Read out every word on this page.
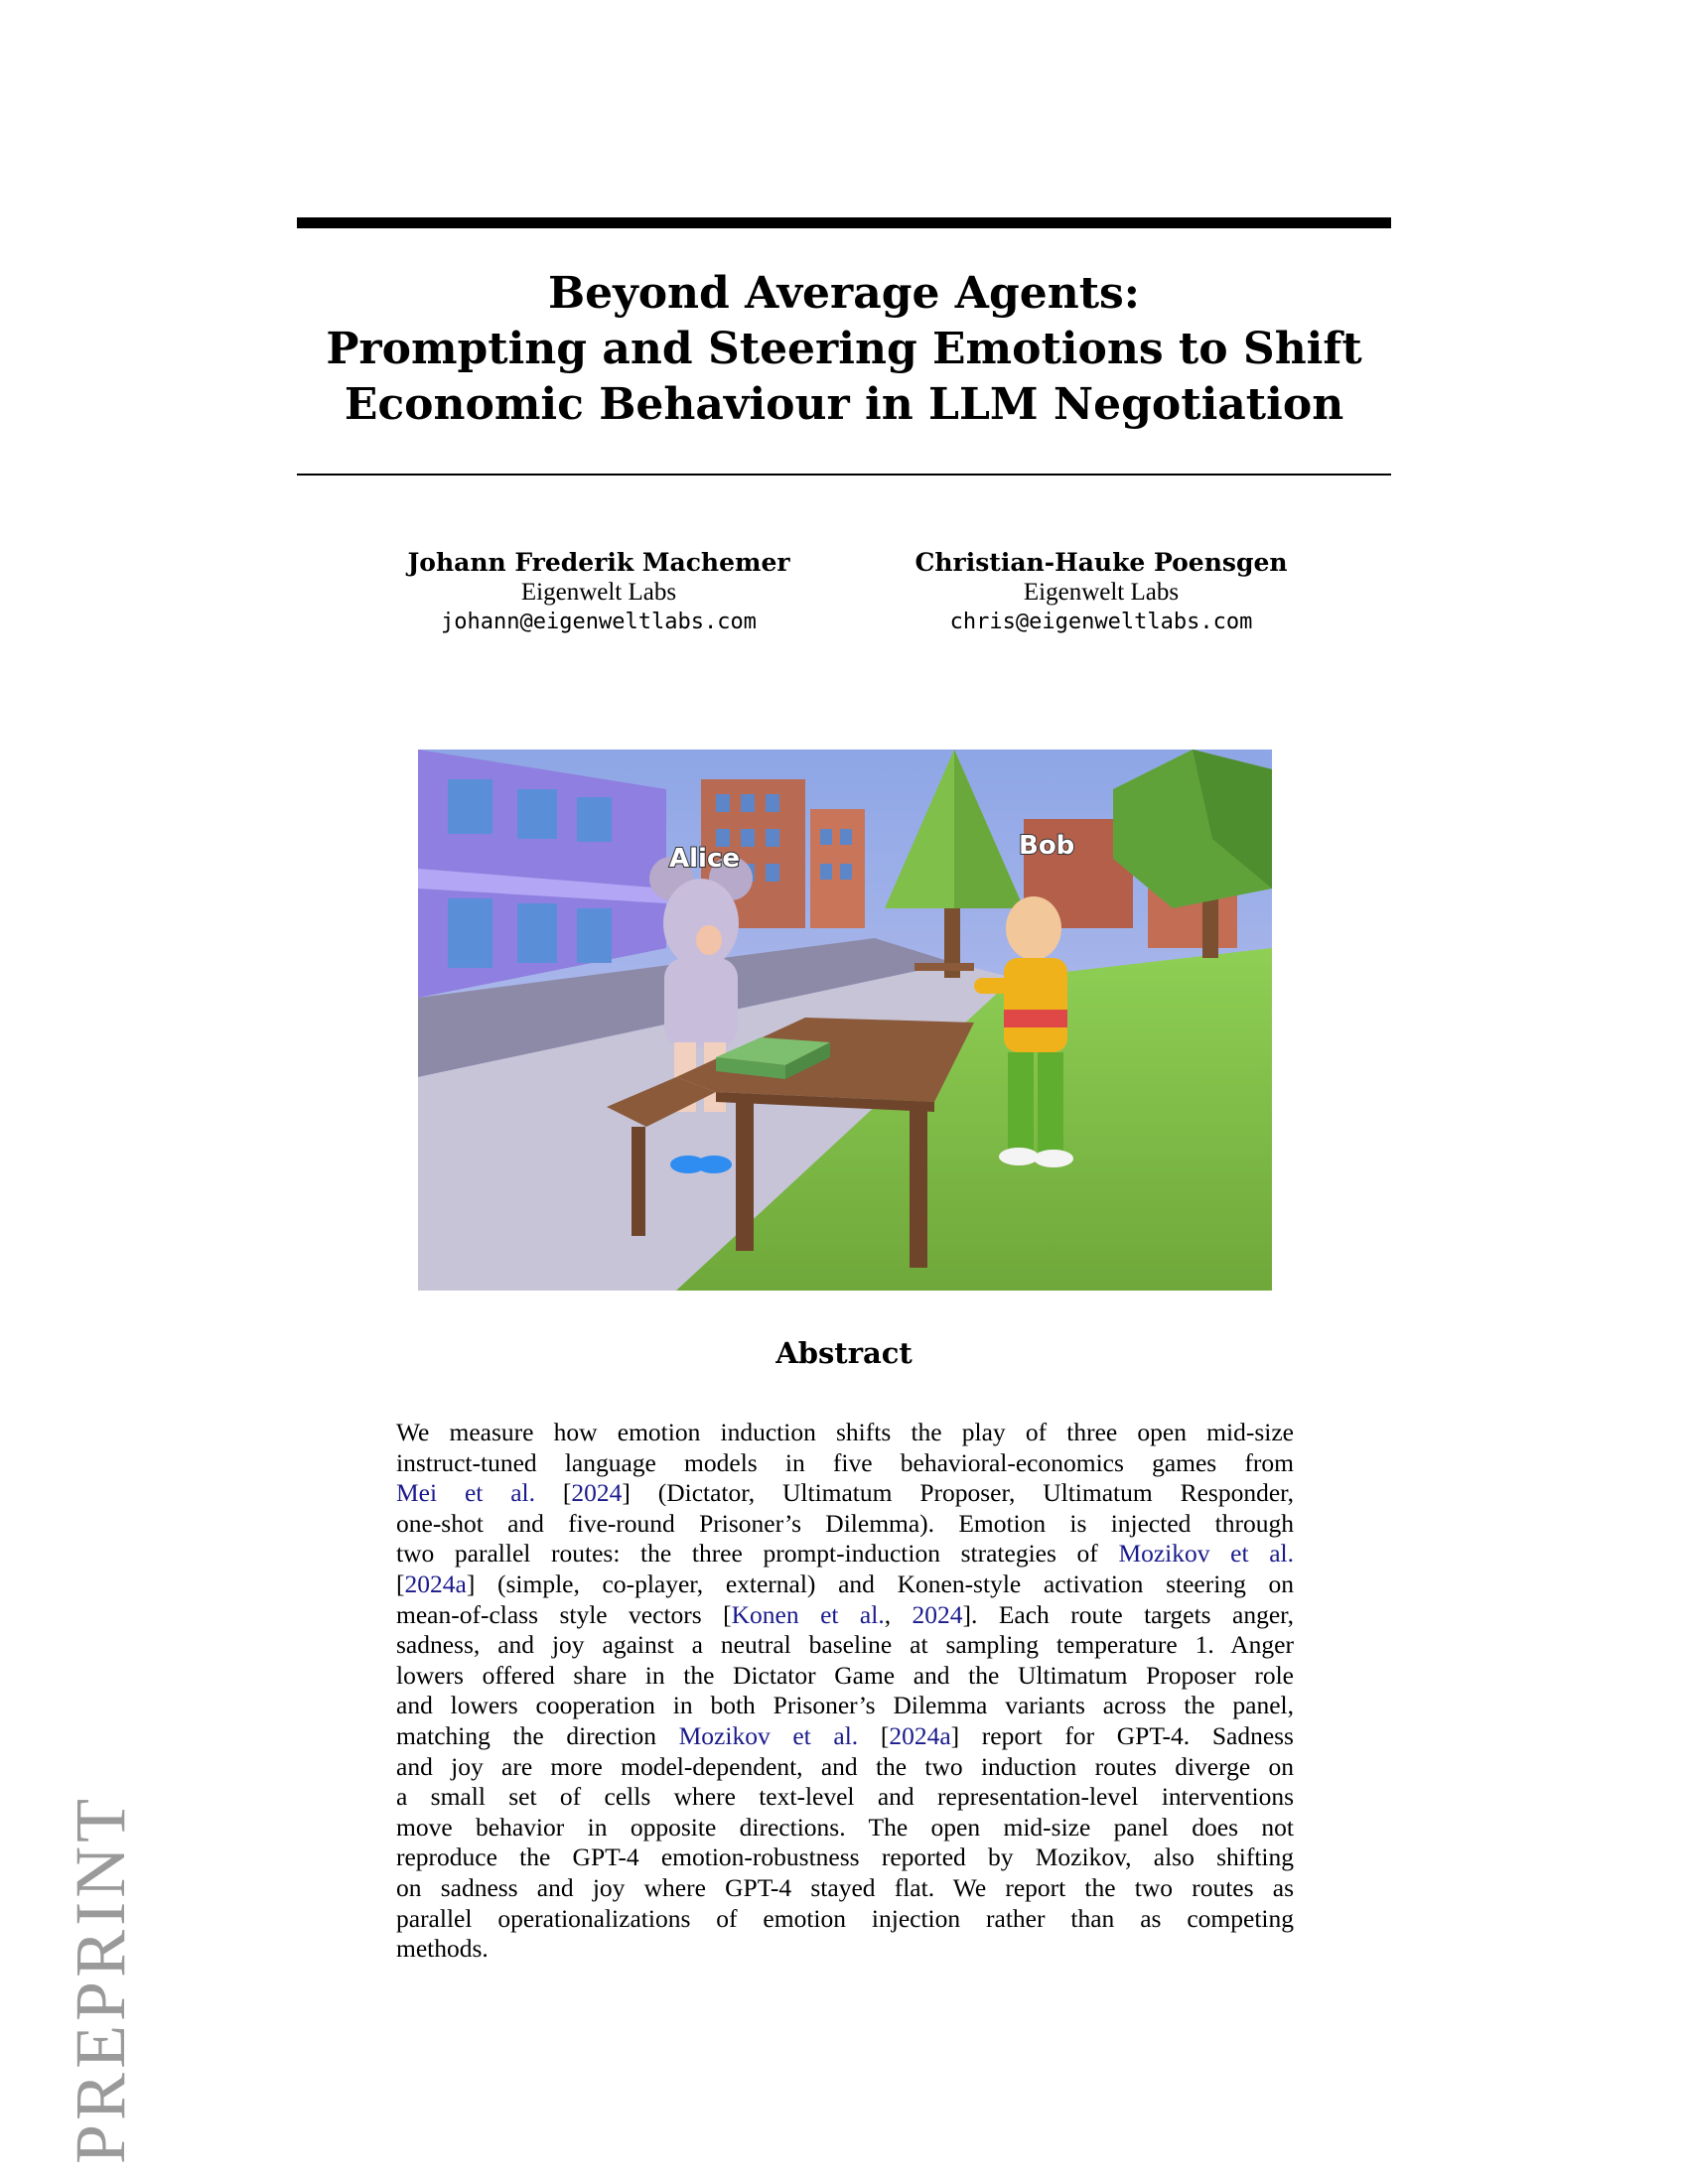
Beyond Average Agents:
Prompting and Steering Emotions to Shift
Economic Behaviour in LLM Negotiation
Johann Frederik Machemer
Eigenwelt Labs
johann@eigenweltlabs.com
Christian-Hauke Poensgen
Eigenwelt Labs
chris@eigenweltlabs.com
Alice	Bob
Abstract
We measure how emotion induction shifts the play of three open mid-size
instruct-tuned language models in five behavioral-economics games from
Mei et al. [2024] (Dictator, Ultimatum Proposer, Ultimatum Responder,
one-shot and five-round Prisoner’s Dilemma). Emotion is injected through
two parallel routes: the three prompt-induction strategies of Mozikov et al.
[2024a] (simple, co-player, external) and Konen-style activation steering on
mean-of-class style vectors [Konen et al., 2024]. Each route targets anger,
sadness, and joy against a neutral baseline at sampling temperature 1. Anger
lowers offered share in the Dictator Game and the Ultimatum Proposer role
and lowers cooperation in both Prisoner’s Dilemma variants across the panel,
matching the direction Mozikov et al. [2024a] report for GPT-4. Sadness
and joy are more model-dependent, and the two induction routes diverge on
a small set of cells where text-level and representation-level interventions
move behavior in opposite directions. The open mid-size panel does not
reproduce the GPT-4 emotion-robustness reported by Mozikov, also shifting
on sadness and joy where GPT-4 stayed flat. We report the two routes as
parallel operationalizations of emotion injection rather than as competing
methods.
PREPRINT
